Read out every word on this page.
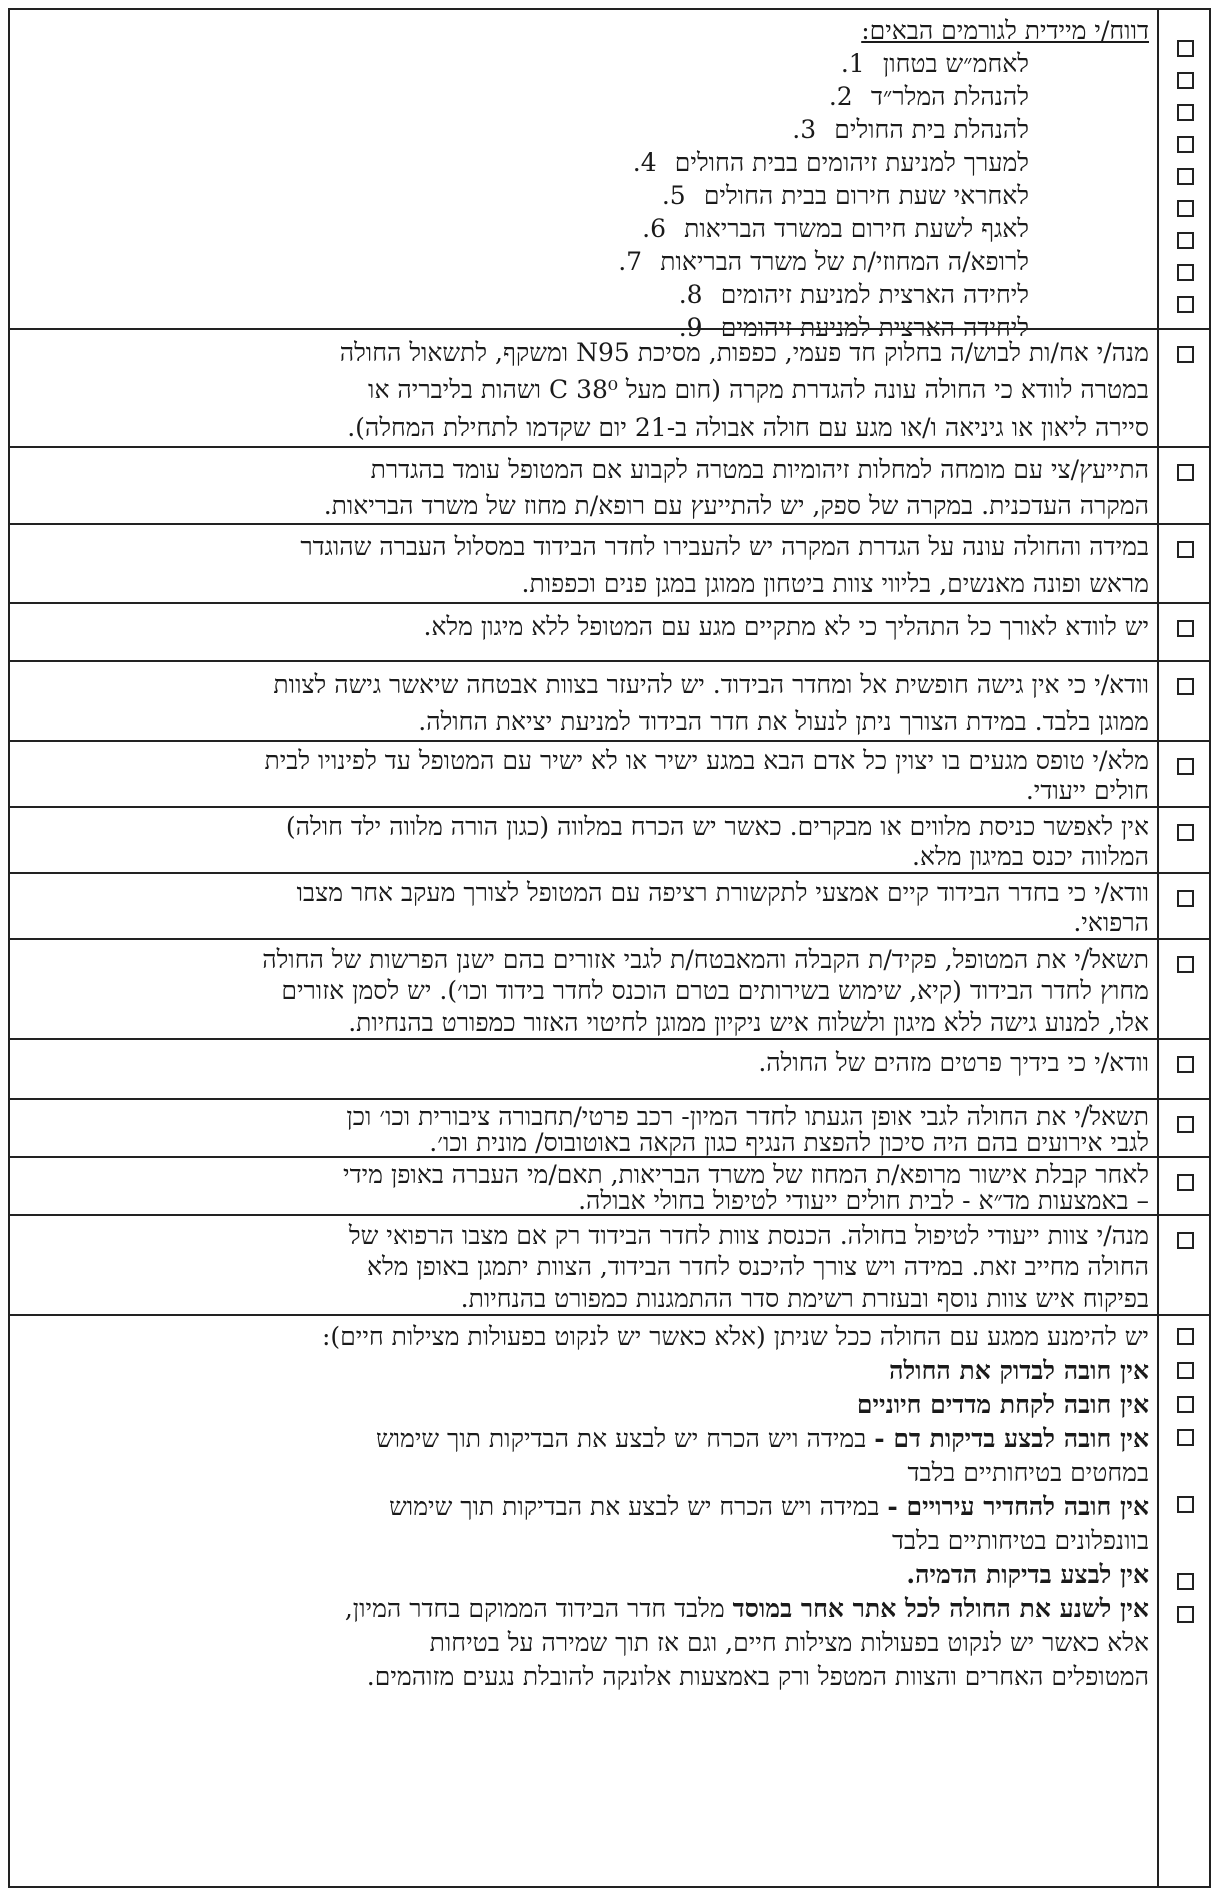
דווח/י מיידית לגורמים הבאים:

לאחמ״ש בטחון1.

להנהלת המלר״ד2.

להנהלת בית החולים3.

למערך למניעת זיהומים בבית החולים4.

לאחראי שעת חירום בבית החולים5.

לאגף לשעת חירום במשרד הבריאות6.

לרופא/ה המחוזי/ת של משרד הבריאות7.

ליחידה הארצית למניעת זיהומים8.

ליחידה הארצית למניעת זיהומים9.

מנה/י אח/ות לבוש/ה בחלוק חד פעמי, כפפות, מסיכת N95 ומשקף, לתשאול החולה

במטרה לוודא כי החולה עונה להגדרת מקרה (חום מעל 38⁰ C ושהות בליבריה או

סיירה ליאון או גיניאה ו/או מגע עם חולה אבולה ב-21 יום שקדמו לתחילת המחלה).

התייעץ/צי עם מומחה למחלות זיהומיות במטרה לקבוע אם המטופל עומד בהגדרת

המקרה העדכנית. במקרה של ספק, יש להתייעץ עם רופא/ת מחוז של משרד הבריאות.

במידה והחולה עונה על הגדרת המקרה יש להעבירו לחדר הבידוד במסלול העברה שהוגדר

מראש ופונה מאנשים, בליווי צוות ביטחון ממוגן במגן פנים וכפפות.

יש לוודא לאורך כל התהליך כי לא מתקיים מגע עם המטופל ללא מיגון מלא.

וודא/י כי אין גישה חופשית אל ומחדר הבידוד. יש להיעזר בצוות אבטחה שיאשר גישה לצוות

ממוגן בלבד. במידת הצורך ניתן לנעול את חדר הבידוד למניעת יציאת החולה.

מלא/י טופס מגעים בו יצוין כל אדם הבא במגע ישיר או לא ישיר עם המטופל עד לפינויו לבית

חולים ייעודי.

אין לאפשר כניסת מלווים או מבקרים. כאשר יש הכרח במלווה (כגון הורה מלווה ילד חולה)

המלווה יכנס במיגון מלא.

וודא/י כי בחדר הבידוד קיים אמצעי לתקשורת רציפה עם המטופל לצורך מעקב אחר מצבו

הרפואי.

תשאל/י את המטופל, פקיד/ת הקבלה והמאבטח/ת לגבי אזורים בהם ישנן הפרשות של החולה

מחוץ לחדר הבידוד (קיא, שימוש בשירותים בטרם הוכנס לחדר בידוד וכו׳). יש לסמן אזורים

אלו, למנוע גישה ללא מיגון ולשלוח איש ניקיון ממוגן לחיטוי האזור כמפורט בהנחיות.

וודא/י כי בידיך פרטים מזהים של החולה.

תשאל/י את החולה לגבי אופן הגעתו לחדר המיון- רכב פרטי/תחבורה ציבורית וכו׳ וכן

לגבי אירועים בהם היה סיכון להפצת הנגיף כגון הקאה באוטובוס/ מונית וכו׳.

לאחר קבלת אישור מרופא/ת המחוז של משרד הבריאות, תאם/מי העברה באופן מידי

– באמצעות מד״א - לבית חולים ייעודי לטיפול בחולי אבולה.

מנה/י צוות ייעודי לטיפול בחולה. הכנסת צוות לחדר הבידוד רק אם מצבו הרפואי של

החולה מחייב זאת. במידה ויש צורך להיכנס לחדר הבידוד, הצוות יתמגן באופן מלא

בפיקוח איש צוות נוסף ובעזרת רשימת סדר ההתמגנות כמפורט בהנחיות.

יש להימנע ממגע עם החולה ככל שניתן (אלא כאשר יש לנקוט בפעולות מצילות חיים):

אין חובה לבדוק את החולה

אין חובה לקחת מדדים חיוניים

אין חובה לבצע בדיקות דם - במידה ויש הכרח יש לבצע את הבדיקות תוך שימוש

במחטים בטיחותיים בלבד

אין חובה להחדיר עירויים - במידה ויש הכרח יש לבצע את הבדיקות תוך שימוש

בוונפלונים בטיחותיים בלבד

אין לבצע בדיקות הדמיה.

אין לשנע את החולה לכל אתר אחר במוסד מלבד חדר הבידוד הממוקם בחדר המיון,

אלא כאשר יש לנקוט בפעולות מצילות חיים, וגם אז תוך שמירה על בטיחות

המטופלים האחרים והצוות המטפל ורק באמצעות אלונקה להובלת נגעים מזוהמים.
